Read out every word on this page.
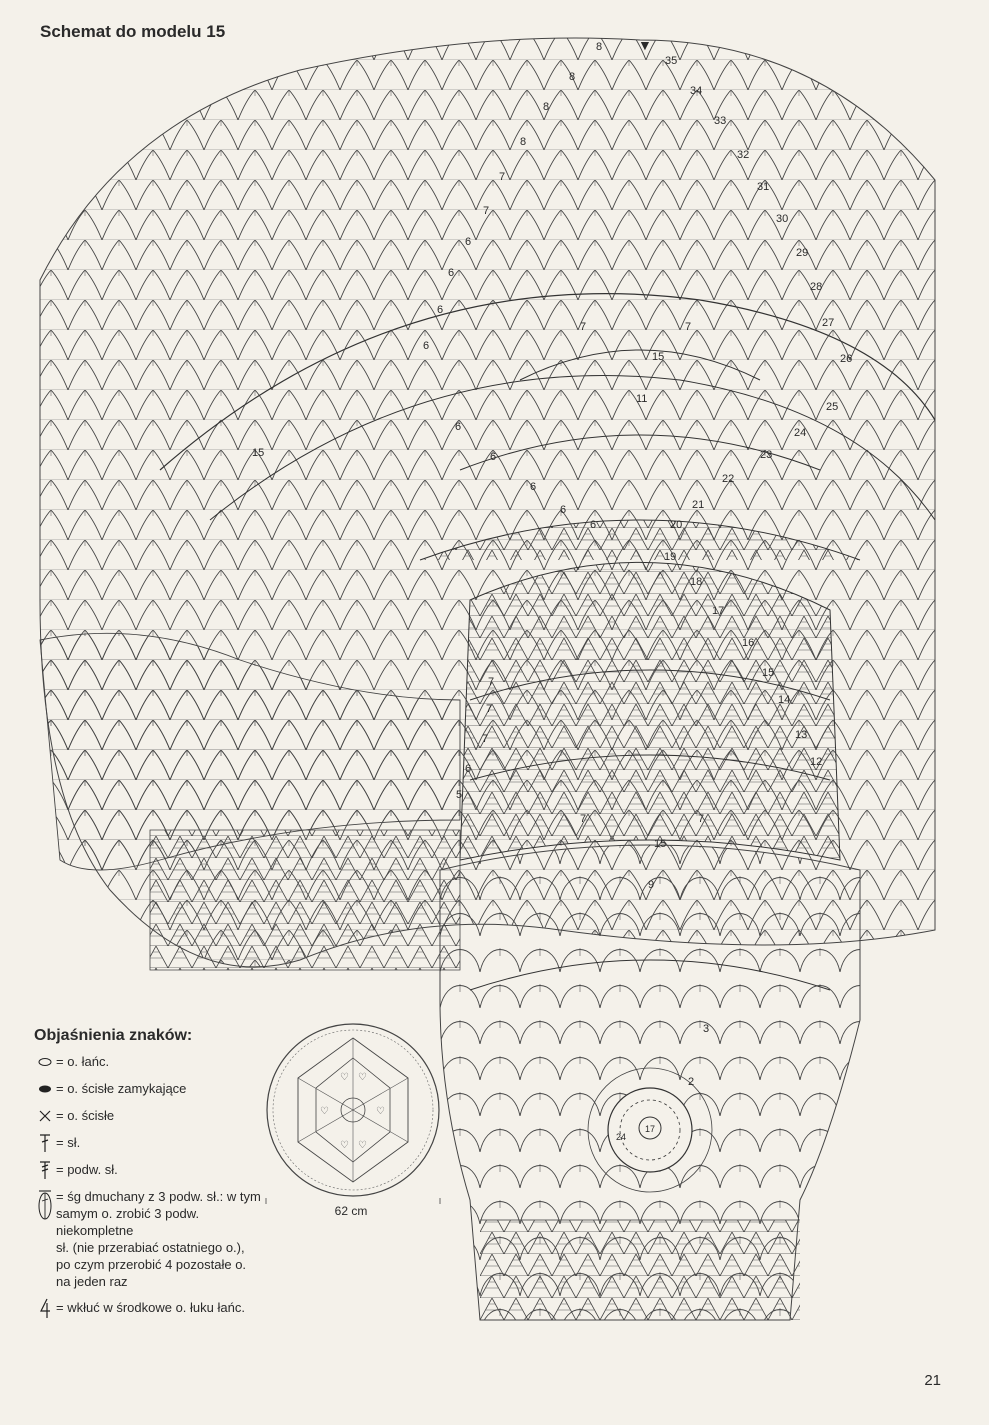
Schemat do modelu 15
▼
35
34
33
32
31
30
29
28
27
26
25
24
23
22
21
20
19
18
17
16
15
14
13
12
3
2
8
8
8
8
7
7
6
6
6
6
7	7
11
6
6
6
6
6
7
7
7
6
5
7	7
9
15
15
15
17
24
♡ ♡
♡	♡
♡ ♡
62 cm
Objaśnienia znaków:
= o. łańc.
= o. ścisłe zamykające
= o. ścisłe
= sł.
= podw. sł.
= śg dmuchany z 3 podw. sł.: w tym
samym o. zrobić 3 podw. niekompletne
sł. (nie przerabiać ostatniego o.),
po czym przerobić 4 pozostałe o.
na jeden raz
= wkłuć w środkowe o. łuku łańc.
21
